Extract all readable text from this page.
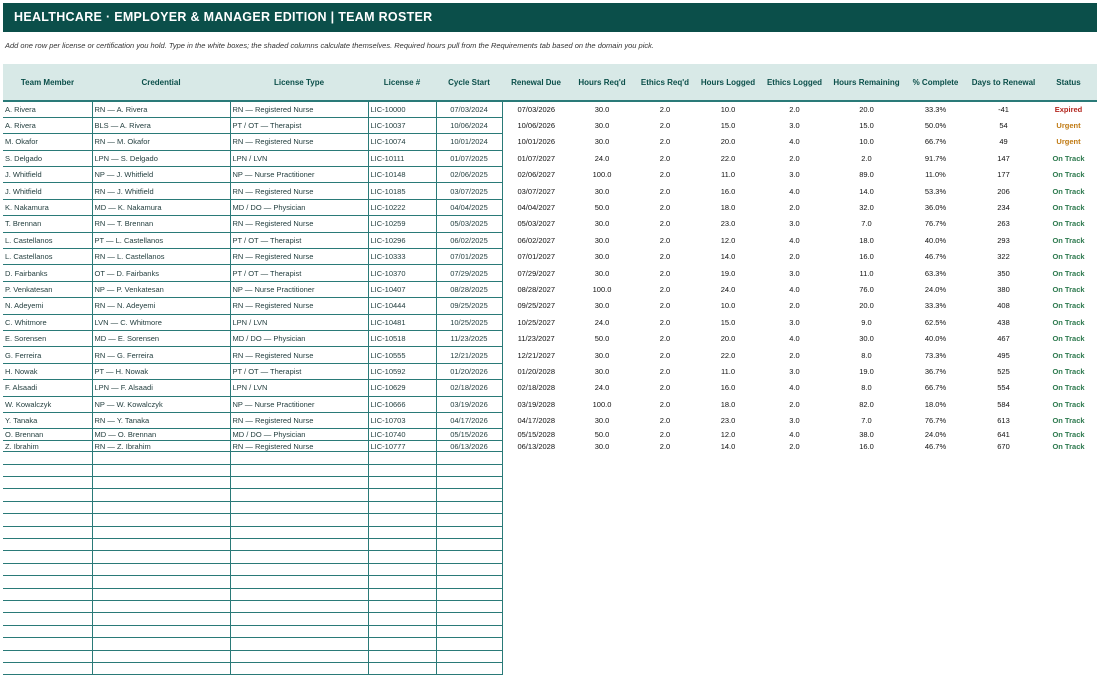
HEALTHCARE · EMPLOYER & MANAGER EDITION | TEAM ROSTER
Add one row per license or certification you hold. Type in the white boxes; the shaded columns calculate themselves. Required hours pull from the Requirements tab based on the domain you pick.
Team Member	Credential	License Type	License #	Cycle Start	Renewal Due	Hours Req'd	Ethics Req'd	Hours Logged	Ethics Logged	Hours Remaining	% Complete	Days to Renewal	Status
A. Rivera	RN — A. Rivera	RN — Registered Nurse	LIC-10000	07/03/2024	07/03/2026	30.0	2.0	10.0	2.0	20.0	33.3%	-41	Expired
A. Rivera	BLS — A. Rivera	PT / OT — Therapist	LIC-10037	10/06/2024	10/06/2026	30.0	2.0	15.0	3.0	15.0	50.0%	54	Urgent
M. Okafor	RN — M. Okafor	RN — Registered Nurse	LIC-10074	10/01/2024	10/01/2026	30.0	2.0	20.0	4.0	10.0	66.7%	49	Urgent
S. Delgado	LPN — S. Delgado	LPN / LVN	LIC-10111	01/07/2025	01/07/2027	24.0	2.0	22.0	2.0	2.0	91.7%	147	On Track
J. Whitfield	NP — J. Whitfield	NP — Nurse Practitioner	LIC-10148	02/06/2025	02/06/2027	100.0	2.0	11.0	3.0	89.0	11.0%	177	On Track
J. Whitfield	RN — J. Whitfield	RN — Registered Nurse	LIC-10185	03/07/2025	03/07/2027	30.0	2.0	16.0	4.0	14.0	53.3%	206	On Track
K. Nakamura	MD — K. Nakamura	MD / DO — Physician	LIC-10222	04/04/2025	04/04/2027	50.0	2.0	18.0	2.0	32.0	36.0%	234	On Track
T. Brennan	RN — T. Brennan	RN — Registered Nurse	LIC-10259	05/03/2025	05/03/2027	30.0	2.0	23.0	3.0	7.0	76.7%	263	On Track
L. Castellanos	PT — L. Castellanos	PT / OT — Therapist	LIC-10296	06/02/2025	06/02/2027	30.0	2.0	12.0	4.0	18.0	40.0%	293	On Track
L. Castellanos	RN — L. Castellanos	RN — Registered Nurse	LIC-10333	07/01/2025	07/01/2027	30.0	2.0	14.0	2.0	16.0	46.7%	322	On Track
D. Fairbanks	OT — D. Fairbanks	PT / OT — Therapist	LIC-10370	07/29/2025	07/29/2027	30.0	2.0	19.0	3.0	11.0	63.3%	350	On Track
P. Venkatesan	NP — P. Venkatesan	NP — Nurse Practitioner	LIC-10407	08/28/2025	08/28/2027	100.0	2.0	24.0	4.0	76.0	24.0%	380	On Track
N. Adeyemi	RN — N. Adeyemi	RN — Registered Nurse	LIC-10444	09/25/2025	09/25/2027	30.0	2.0	10.0	2.0	20.0	33.3%	408	On Track
C. Whitmore	LVN — C. Whitmore	LPN / LVN	LIC-10481	10/25/2025	10/25/2027	24.0	2.0	15.0	3.0	9.0	62.5%	438	On Track
E. Sorensen	MD — E. Sorensen	MD / DO — Physician	LIC-10518	11/23/2025	11/23/2027	50.0	2.0	20.0	4.0	30.0	40.0%	467	On Track
G. Ferreira	RN — G. Ferreira	RN — Registered Nurse	LIC-10555	12/21/2025	12/21/2027	30.0	2.0	22.0	2.0	8.0	73.3%	495	On Track
H. Nowak	PT — H. Nowak	PT / OT — Therapist	LIC-10592	01/20/2026	01/20/2028	30.0	2.0	11.0	3.0	19.0	36.7%	525	On Track
F. Alsaadi	LPN — F. Alsaadi	LPN / LVN	LIC-10629	02/18/2026	02/18/2028	24.0	2.0	16.0	4.0	8.0	66.7%	554	On Track
W. Kowalczyk	NP — W. Kowalczyk	NP — Nurse Practitioner	LIC-10666	03/19/2026	03/19/2028	100.0	2.0	18.0	2.0	82.0	18.0%	584	On Track
Y. Tanaka	RN — Y. Tanaka	RN — Registered Nurse	LIC-10703	04/17/2026	04/17/2028	30.0	2.0	23.0	3.0	7.0	76.7%	613	On Track
O. Brennan	MD — O. Brennan	MD / DO — Physician	LIC-10740	05/15/2026	05/15/2028	50.0	2.0	12.0	4.0	38.0	24.0%	641	On Track
Z. Ibrahim	RN — Z. Ibrahim	RN — Registered Nurse	LIC-10777	06/13/2026	06/13/2028	30.0	2.0	14.0	2.0	16.0	46.7%	670	On Track
